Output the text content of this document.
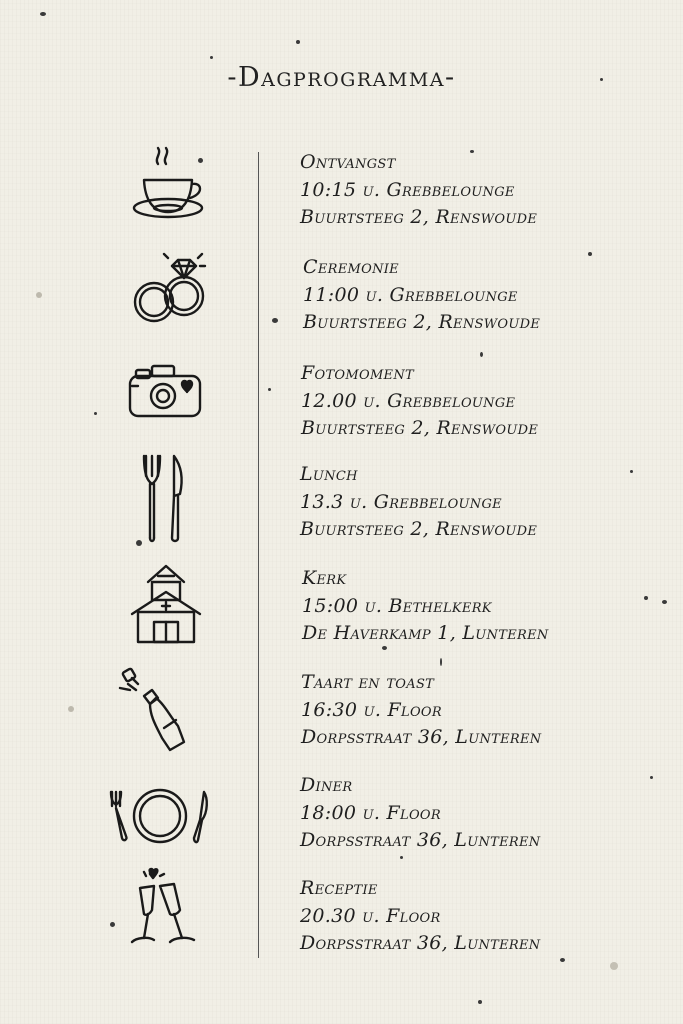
-Dagprogramma-
Ontvangst
10:15 u. Grebbelounge
Buurtsteeg 2, Renswoude
Ceremonie
11:00 u. Grebbelounge
Buurtsteeg 2, Renswoude
Fotomoment
12.00 u. Grebbelounge
Buurtsteeg 2, Renswoude
Lunch
13.3 u. Grebbelounge
Buurtsteeg 2, Renswoude
Kerk
15:00 u. Bethelkerk
De Haverkamp 1, Lunteren
Taart en toast
16:30 u. Floor
Dorpsstraat 36, Lunteren
Diner
18:00 u. Floor
Dorpsstraat 36, Lunteren
Receptie
20.30 u. Floor
Dorpsstraat 36, Lunteren
